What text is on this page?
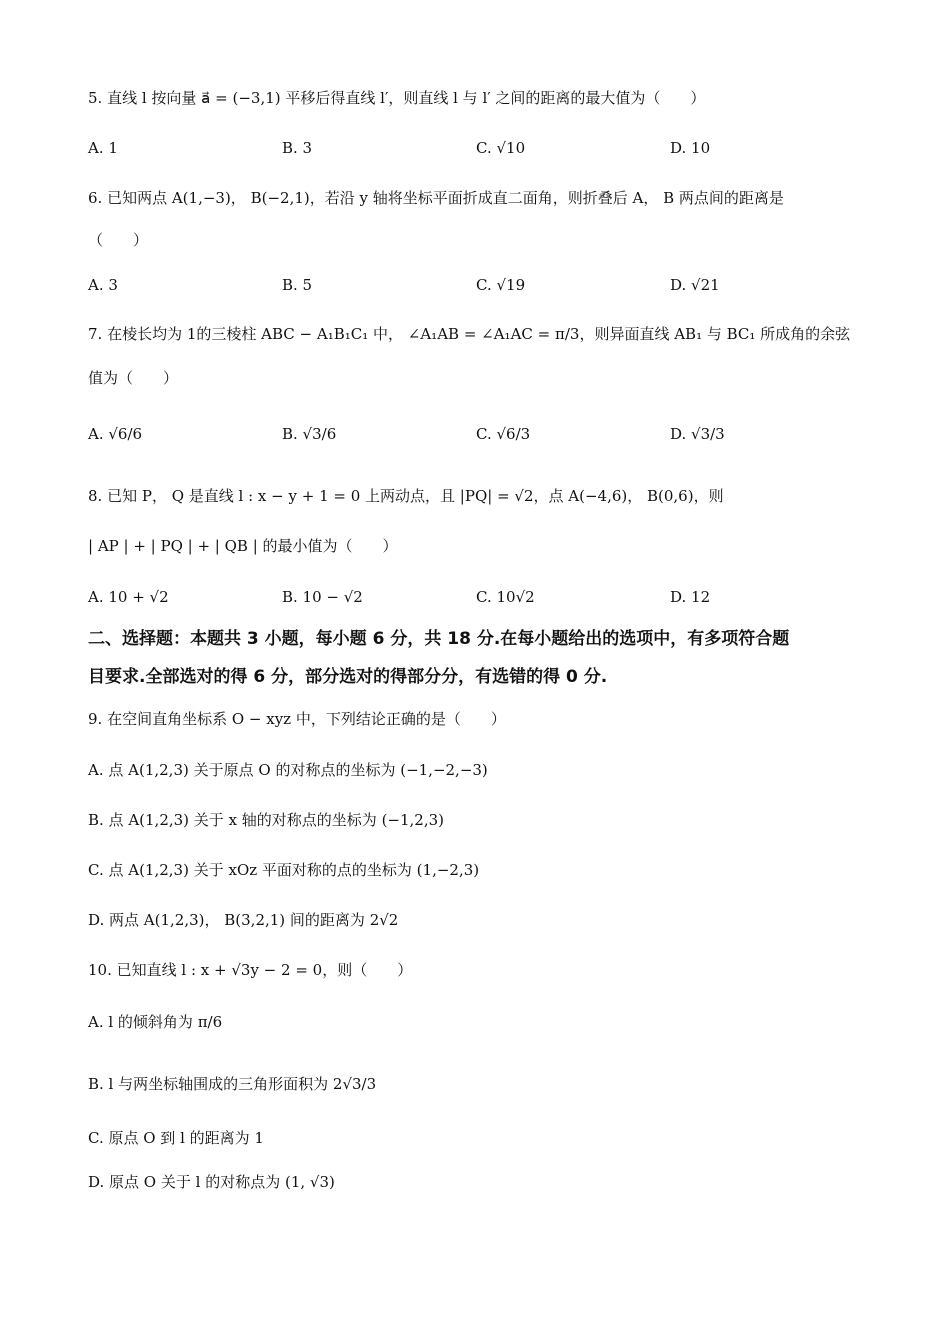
5. 直线 l 按向量 a⃗ = (−3,1) 平移后得直线 l′，则直线 l 与 l′ 之间的距离的最大值为（　　）
A. 1	B. 3	C. √10	D. 10
6. 已知两点 A(1,−3)， B(−2,1)，若沿 y 轴将坐标平面折成直二面角，则折叠后 A， B 两点间的距离是
（　　）
A. 3	B. 5	C. √19	D. √21
7. 在棱长均为 1的三棱柱 ABC − A₁B₁C₁ 中， ∠A₁AB = ∠A₁AC = π/3，则异面直线 AB₁ 与 BC₁ 所成角的余弦
值为（　　）
A. √6/6	B. √3/6	C. √6/3	D. √3/3
8. 已知 P， Q 是直线 l : x − y + 1 = 0 上两动点，且 |PQ| = √2，点 A(−4,6)， B(0,6)，则
| AP | + | PQ | + | QB | 的最小值为（　　）
A. 10 + √2	B. 10 − √2	C. 10√2	D. 12
二、选择题：本题共 3 小题，每小题 6 分，共 18 分.在每小题给出的选项中，有多项符合题
目要求.全部选对的得 6 分，部分选对的得部分分，有选错的得 0 分.
9. 在空间直角坐标系 O − xyz 中，下列结论正确的是（　　）
A. 点 A(1,2,3) 关于原点 O 的对称点的坐标为 (−1,−2,−3)
B. 点 A(1,2,3) 关于 x 轴的对称点的坐标为 (−1,2,3)
C. 点 A(1,2,3) 关于 xOz 平面对称的点的坐标为 (1,−2,3)
D. 两点 A(1,2,3)， B(3,2,1) 间的距离为 2√2
10. 已知直线 l : x + √3y − 2 = 0，则（　　）
A. l 的倾斜角为 π/6
B. l 与两坐标轴围成的三角形面积为 2√3/3
C. 原点 O 到 l 的距离为 1
D. 原点 O 关于 l 的对称点为 (1, √3)
